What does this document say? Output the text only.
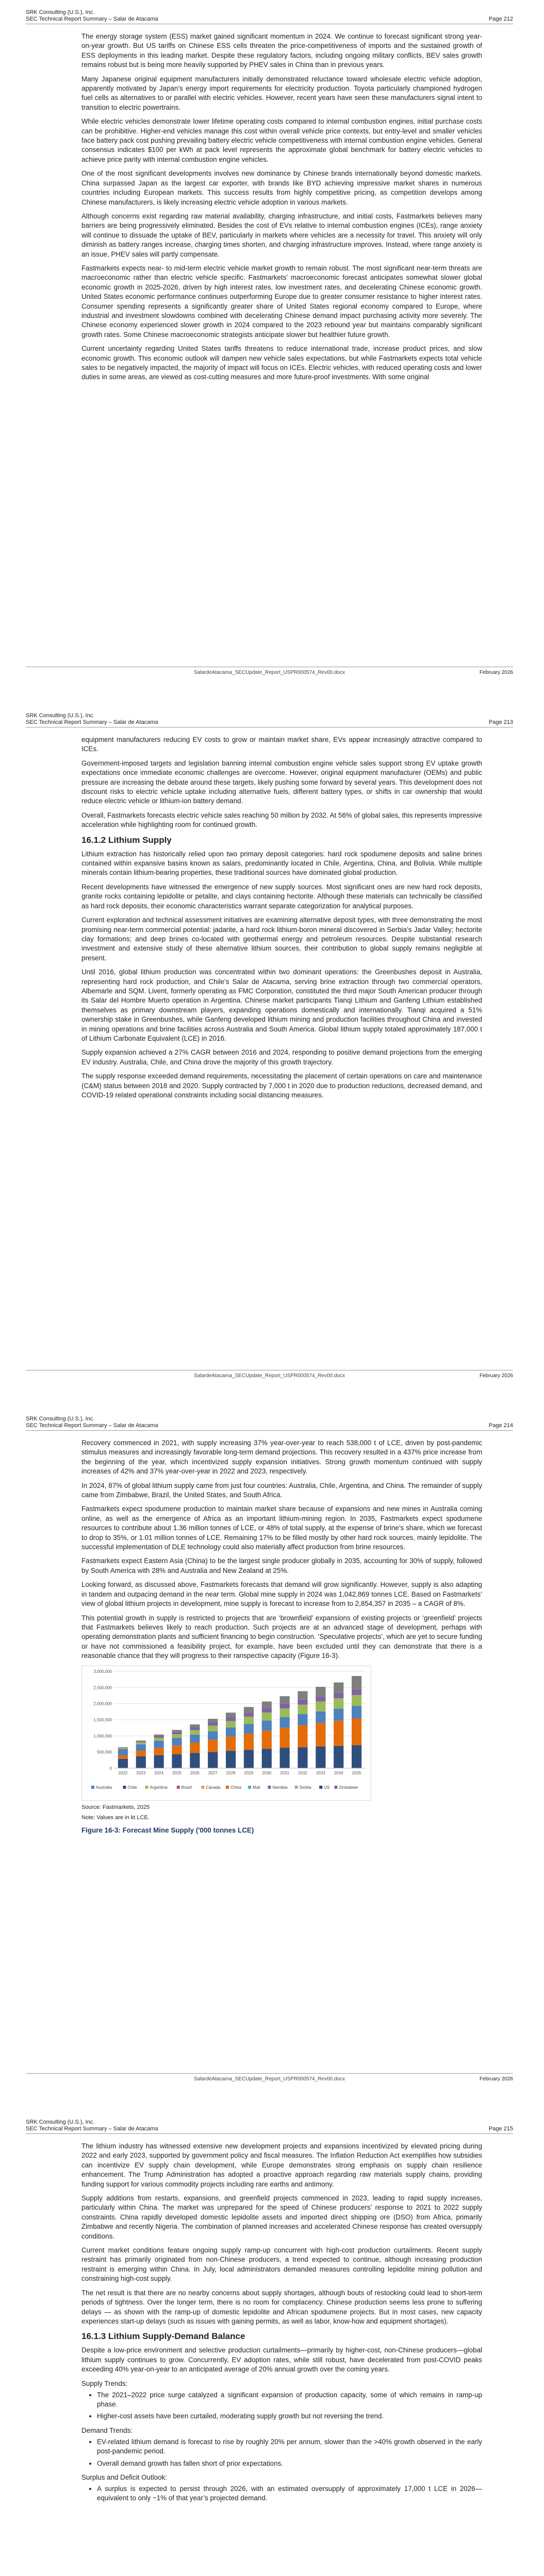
SRK Consulting (U.S.), Inc.
SEC Technical Report Summary – Salar de Atacama	Page 212

The energy storage system (ESS) market gained significant momentum in 2024. We continue to forecast significant strong year-on-year growth. But US tariffs on Chinese ESS cells threaten the price-competitiveness of imports and the sustained growth of ESS deployments in this leading market. Despite these regulatory factors, including ongoing military conflicts, BEV sales growth remains robust but is being more heavily supported by PHEV sales in China than in previous years.

Many Japanese original equipment manufacturers initially demonstrated reluctance toward wholesale electric vehicle adoption, apparently motivated by Japan’s energy import requirements for electricity production. Toyota particularly championed hydrogen fuel cells as alternatives to or parallel with electric vehicles. However, recent years have seen these manufacturers signal intent to transition to electric powertrains.

While electric vehicles demonstrate lower lifetime operating costs compared to internal combustion engines, initial purchase costs can be prohibitive. Higher-end vehicles manage this cost within overall vehicle price contexts, but entry-level and smaller vehicles face battery pack cost pushing prevailing battery electric vehicle competitiveness with internal combustion engine vehicles. General consensus indicates $100 per kWh at pack level represents the approximate global benchmark for battery electric vehicles to achieve price parity with internal combustion engine vehicles.

One of the most significant developments involves new dominance by Chinese brands internationally beyond domestic markets. China surpassed Japan as the largest car exporter, with brands like BYD achieving impressive market shares in numerous countries including European markets. This success results from highly competitive pricing, as competition develops among Chinese manufacturers, is likely increasing electric vehicle adoption in various markets.

Although concerns exist regarding raw material availability, charging infrastructure, and initial costs, Fastmarkets believes many barriers are being progressively eliminated. Besides the cost of EVs relative to internal combustion engines (ICEs), range anxiety will continue to dissuade the uptake of BEV, particularly in markets where vehicles are a necessity for travel. This anxiety will only diminish as battery ranges increase, charging times shorten, and charging infrastructure improves. Instead, where range anxiety is an issue, PHEV sales will partly compensate.

Fastmarkets expects near- to mid-term electric vehicle market growth to remain robust. The most significant near-term threats are macroeconomic rather than electric vehicle specific. Fastmarkets’ macroeconomic forecast anticipates somewhat slower global economic growth in 2025-2026, driven by high interest rates, low investment rates, and decelerating Chinese economic growth. United States economic performance continues outperforming Europe due to greater consumer resistance to higher interest rates. Consumer spending represents a significantly greater share of United States regional economy compared to Europe, where industrial and investment slowdowns combined with decelerating Chinese demand impact purchasing activity more severely. The Chinese economy experienced slower growth in 2024 compared to the 2023 rebound year but maintains comparably significant growth rates. Some Chinese macroeconomic strategists anticipate slower but healthier future growth.

Current uncertainty regarding United States tariffs threatens to reduce international trade, increase product prices, and slow economic growth. This economic outlook will dampen new vehicle sales expectations, but while Fastmarkets expects total vehicle sales to be negatively impacted, the majority of impact will focus on ICEs. Electric vehicles, with reduced operating costs and lower duties in some areas, are viewed as cost-cutting measures and more future-proof investments. With some original

SalardeAtacama_SECUpdate_Report_USPR000574_Rev00.docx	February 2026
SRK Consulting (U.S.), Inc.
SEC Technical Report Summary – Salar de Atacama	Page 213

equipment manufacturers reducing EV costs to grow or maintain market share, EVs appear increasingly attractive compared to ICEs.

Government-imposed targets and legislation banning internal combustion engine vehicle sales support strong EV uptake growth expectations once immediate economic challenges are overcome. However, original equipment manufacturer (OEMs) and public pressure are increasing the debate around these targets, likely pushing some forward by several years. This development does not discount risks to electric vehicle uptake including alternative fuels, different battery types, or shifts in car ownership that would reduce electric vehicle or lithium-ion battery demand.

Overall, Fastmarkets forecasts electric vehicle sales reaching 50 million by 2032. At 56% of global sales, this represents impressive acceleration while highlighting room for continued growth.

16.1.2 Lithium Supply

Lithium extraction has historically relied upon two primary deposit categories: hard rock spodumene deposits and saline brines contained within expansive basins known as salars, predominantly located in Chile, Argentina, China, and Bolivia. While multiple minerals contain lithium-bearing properties, these traditional sources have dominated global production.

Recent developments have witnessed the emergence of new supply sources. Most significant ones are new hard rock deposits, granite rocks containing lepidolite or petalite, and clays containing hectorite. Although these materials can technically be classified as hard rock deposits, their economic characteristics warrant separate categorization for analytical purposes.

Current exploration and technical assessment initiatives are examining alternative deposit types, with three demonstrating the most promising near-term commercial potential: jadarite, a hard rock lithium-boron mineral discovered in Serbia’s Jadar Valley; hectorite clay formations; and deep brines co-located with geothermal energy and petroleum resources. Despite substantial research investment and extensive study of these alternative lithium sources, their contribution to global supply remains negligible at present.

Until 2016, global lithium production was concentrated within two dominant operations: the Greenbushes deposit in Australia, representing hard rock production, and Chile’s Salar de Atacama, serving brine extraction through two commercial operators, Albemarle and SQM. Livent, formerly operating as FMC Corporation, constituted the third major South American producer through its Salar del Hombre Muerto operation in Argentina. Chinese market participants Tianqi Lithium and Ganfeng Lithium established themselves as primary downstream players, expanding operations domestically and internationally. Tianqi acquired a 51% ownership stake in Greenbushes, while Ganfeng developed lithium mining and production facilities throughout China and invested in mining operations and brine facilities across Australia and South America. Global lithium supply totaled approximately 187,000 t of Lithium Carbonate Equivalent (LCE) in 2016.

Supply expansion achieved a 27% CAGR between 2016 and 2024, responding to positive demand projections from the emerging EV industry. Australia, Chile, and China drove the majority of this growth trajectory.

The supply response exceeded demand requirements, necessitating the placement of certain operations on care and maintenance (C&M) status between 2018 and 2020. Supply contracted by 7,000 t in 2020 due to production reductions, decreased demand, and COVID-19 related operational constraints including social distancing measures.

SalardeAtacama_SECUpdate_Report_USPR000574_Rev00.docx	February 2026
SRK Consulting (U.S.), Inc.
SEC Technical Report Summary – Salar de Atacama	Page 214

Recovery commenced in 2021, with supply increasing 37% year-over-year to reach 538,000 t of LCE, driven by post-pandemic stimulus measures and increasingly favorable long-term demand projections. This recovery resulted in a 437% price increase from the beginning of the year, which incentivized supply expansion initiatives. Strong growth momentum continued with supply increases of 42% and 37% year-over-year in 2022 and 2023, respectively.

In 2024, 87% of global lithium supply came from just four countries: Australia, Chile, Argentina, and China. The remainder of supply came from Zimbabwe, Brazil, the United States, and South Africa.

Fastmarkets expect spodumene production to maintain market share because of expansions and new mines in Australia coming online, as well as the emergence of Africa as an important lithium-mining region. In 2035, Fastmarkets expect spodumene resources to contribute about 1.36 million tonnes of LCE, or 48% of total supply, at the expense of brine’s share, which we forecast to drop to 35%, or 1.01 million tonnes of LCE. Remaining 17% to be filled mostly by other hard rock sources, mainly lepidolite. The successful implementation of DLE technology could also materially affect production from brine resources.

Fastmarkets expect Eastern Asia (China) to be the largest single producer globally in 2035, accounting for 30% of supply, followed by South America with 28% and Australia and New Zealand at 25%.

Looking forward, as discussed above, Fastmarkets forecasts that demand will grow significantly. However, supply is also adapting in tandem and outpacing demand in the near term. Global mine supply in 2024 was 1,042,869 tonnes LCE. Based on Fastmarkets’ view of global lithium projects in development, mine supply is forecast to increase from to 2,854,357 in 2035 – a CAGR of 8%.

This potential growth in supply is restricted to projects that are ‘brownfield’ expansions of existing projects or ‘greenfield’ projects that Fastmarkets believes likely to reach production. Such projects are at an advanced stage of development, perhaps with operating demonstration plants and sufficient financing to begin construction. ‘Speculative projects’, which are yet to secure funding or have not commissioned a feasibility project, for example, have been excluded until they can demonstrate that there is a reasonable chance that they will progress to their ranspective capacity (Figure 16-3).

0
500,000
1,000,000
1,500,000
2,000,000
2,500,000
3,000,000
2022 2023 2024 2025 2026 2027 2028 2029 2030 2031 2032 2033 2034 2035
Australia	Chile	Argentina	Brazil	Canada China	Mali	Namibia	Serbia	US Zimbabwe
Source: Fastmarkets, 2025
Note: Values are in kt LCE.
Figure 16-3: Forecast Mine Supply ('000 tonnes LCE)
SalardeAtacama_SECUpdate_Report_USPR000574_Rev00.docx	February 2026
SRK Consulting (U.S.), Inc.
SEC Technical Report Summary – Salar de Atacama	Page 215

The lithium industry has witnessed extensive new development projects and expansions incentivized by elevated pricing during 2022 and early 2023, supported by government policy and fiscal measures. The Inflation Reduction Act exemplifies how subsidies can incentivize EV supply chain development, while Europe demonstrates strong emphasis on supply chain resilience enhancement. The Trump Administration has adopted a proactive approach regarding raw materials supply chains, providing funding support for various commodity projects including rare earths and antimony.

Supply additions from restarts, expansions, and greenfield projects commenced in 2023, leading to rapid supply increases, particularly within China. The market was unprepared for the speed of Chinese producers’ response to 2021 to 2022 supply constraints. China rapidly developed domestic lepidolite assets and imported direct shipping ore (DSO) from Africa, primarily Zimbabwe and recently Nigeria. The combination of planned increases and accelerated Chinese response has created oversupply conditions.

Current market conditions feature ongoing supply ramp-up concurrent with high-cost production curtailments. Recent supply restraint has primarily originated from non-Chinese producers, a trend expected to continue, although increasing production restraint is emerging within China. In July, local administrators demanded measures controlling lepidolite mining pollution and constraining high-cost supply.

The net result is that there are no nearby concerns about supply shortages, although bouts of restocking could lead to short-term periods of tightness. Over the longer term, there is no room for complacency. Chinese production seems less prone to suffering delays — as shown with the ramp-up of domestic lepidolite and African spodumene projects. But in most cases, new capacity experiences start-up delays (such as issues with gaining permits, as well as labor, know-how and equipment shortages).

16.1.3 Lithium Supply-Demand Balance

Despite a low-price environment and selective production curtailments—primarily by higher-cost, non-Chinese producers—global lithium supply continues to grow. Concurrently, EV adoption rates, while still robust, have decelerated from post-COVID peaks exceeding 40% year-on-year to an anticipated average of 20% annual growth over the coming years.

Supply Trends:
• The 2021–2022 price surge catalyzed a significant expansion of production capacity, some of which remains in ramp-up phase.
• Higher-cost assets have been curtailed, moderating supply growth but not reversing the trend.
Demand Trends:
• EV-related lithium demand is forecast to rise by roughly 20% per annum, slower than the >40% growth observed in the early post-pandemic period.
• Overall demand growth has fallen short of prior expectations.
Surplus and Deficit Outlook:
• A surplus is expected to persist through 2026, with an estimated oversupply of approximately 17,000 t LCE in 2026—equivalent to only ~1% of that year’s projected demand.
